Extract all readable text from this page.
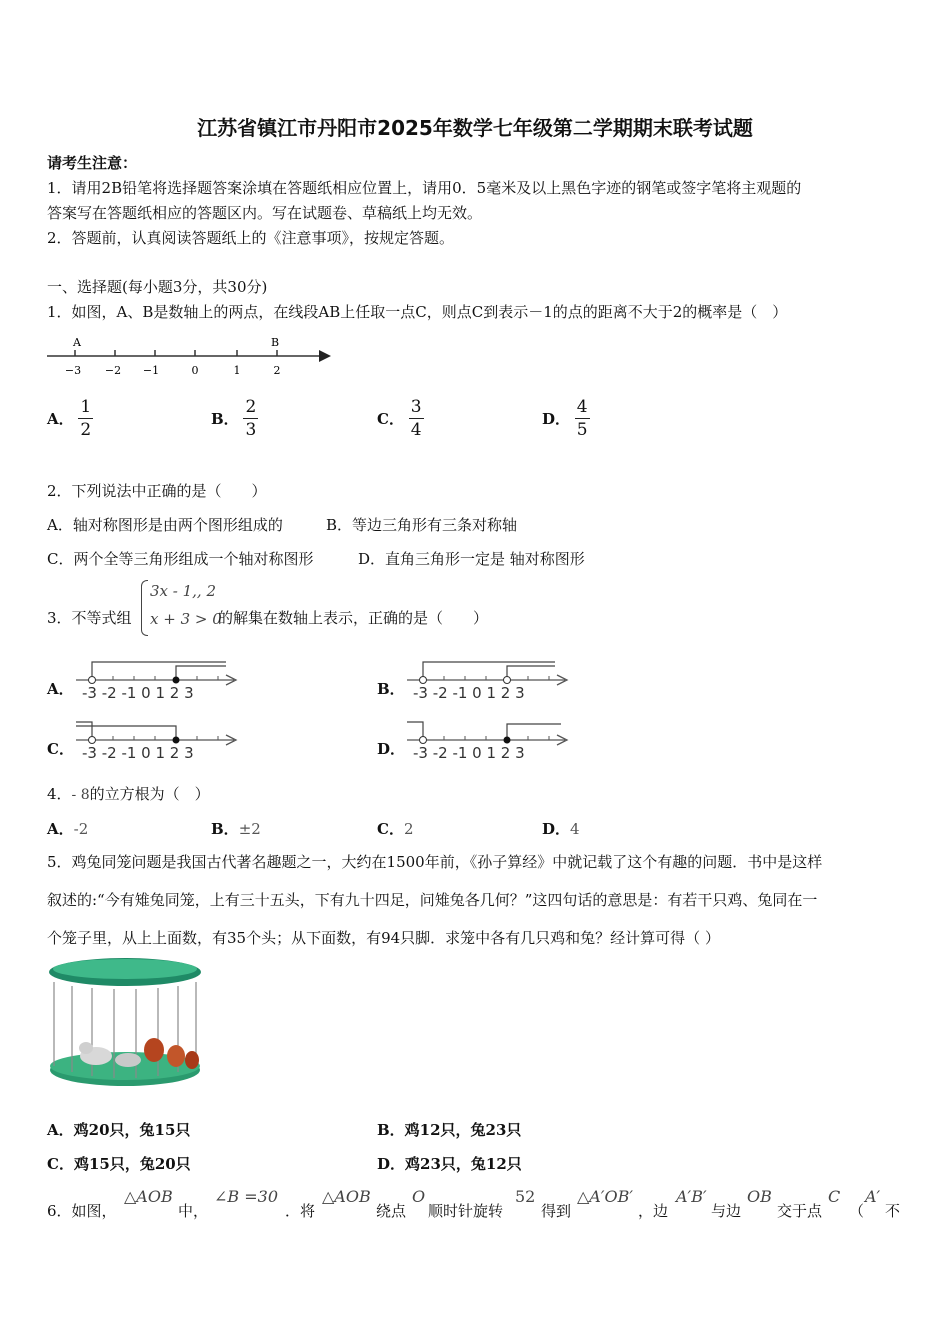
江苏省镇江市丹阳市2025年数学七年级第二学期期末联考试题
请考生注意：
1．请用2B铅笔将选择题答案涂填在答题纸相应位置上，请用0．5毫米及以上黑色字迹的钢笔或签字笔将主观题的
答案写在答题纸相应的答题区内。写在试题卷、草稿纸上均无效。
2．答题前，认真阅读答题纸上的《注意事项》，按规定答题。
一、选择题(每小题3分，共30分)
1．如图，A、B是数轴上的两点，在线段AB上任取一点C，则点C到表示－1的点的距离不大于2的概率是（　）
A	B
−3 −2 −1	0	1	2
A． $\frac{1}{2}$	B． $\frac{2}{3}$	C． $\frac{3}{4}$	D． $\frac{4}{5}$
2．下列说法中正确的是（　　）
A．轴对称图形是由两个图形组成的	B．等边三角形有三条对称轴
C．两个全等三角形组成一个轴对称图形	D．直角三角形一定是 轴对称图形
3．不等式组
3x - 1,, 2
x + 3 > 0
的解集在数轴上表示，正确的是（　　）
A． -3 -2 -1 0 1 2 3	B． -3 -2 -1 0 1 2 3
C． -3 -2 -1 0 1 2 3	D． -3 -2 -1 0 1 2 3
4．- 8的立方根为（　）
A．-2	B．±2	C．2	D．4
5．鸡兔同笼问题是我国古代著名趣题之一，大约在1500年前，《孙子算经》中就记载了这个有趣的问题．书中是这样
叙述的:“今有雉兔同笼，上有三十五头，下有九十四足，问雉兔各几何？”这四句话的意思是：有若干只鸡、兔同在一
个笼子里，从上上面数，有35个头；从下面数，有94只脚．求笼中各有几只鸡和兔？经计算可得（ ）
A．鸡20只，兔15只	B．鸡12只，兔23只
C．鸡15只，兔20只	D．鸡23只，兔12只
6．如图，
△AOB
中，
∠B =30
．将
△AOB
绕点
O
顺时针旋转
52
得到
△A′OB′
，边
A′B′
与边
OB
交于点
C
（
A′
不
